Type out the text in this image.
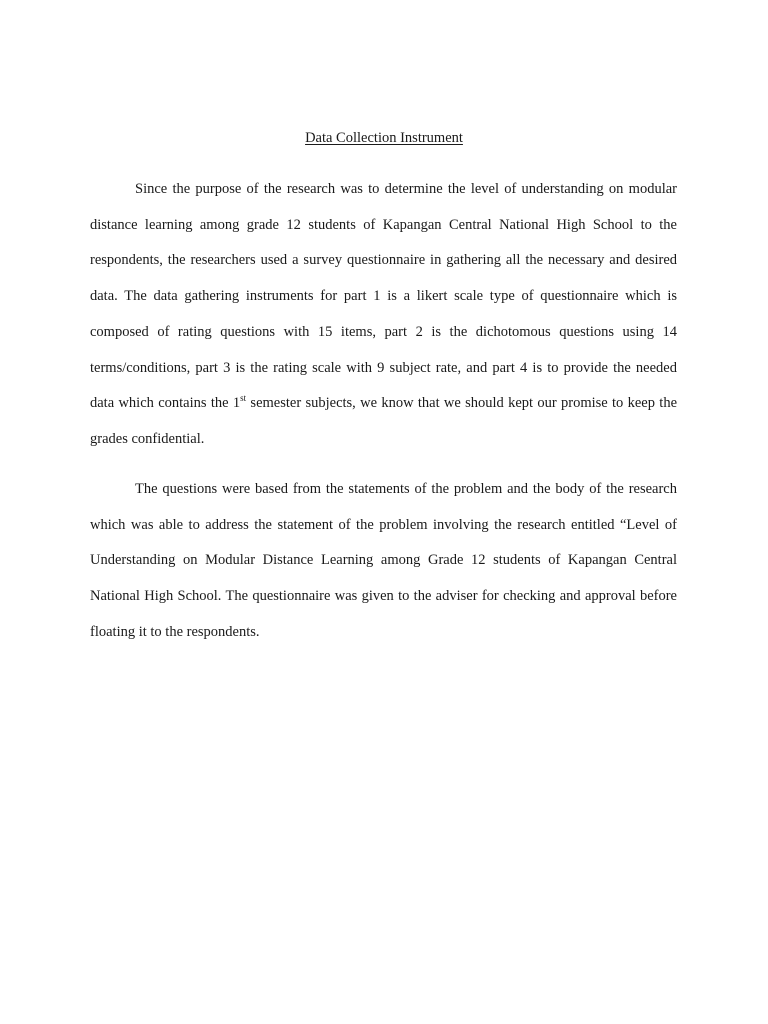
Data Collection Instrument

Since the purpose of the research was to determine the level of understanding on modular distance learning among grade 12 students of Kapangan Central National High School to the respondents, the researchers used a survey questionnaire in gathering all the necessary and desired data. The data gathering instruments for part 1 is a likert scale type of questionnaire which is composed of rating questions with 15 items, part 2 is the dichotomous questions using 14 terms/conditions, part 3 is the rating scale with 9 subject rate, and part 4 is to provide the needed data which contains the 1st semester subjects, we know that we should kept our promise to keep the grades confidential.

The questions were based from the statements of the problem and the body of the research which was able to address the statement of the problem involving the research entitled “Level of Understanding on Modular Distance Learning among Grade 12 students of Kapangan Central National High School. The questionnaire was given to the adviser for checking and approval before floating it to the respondents.
